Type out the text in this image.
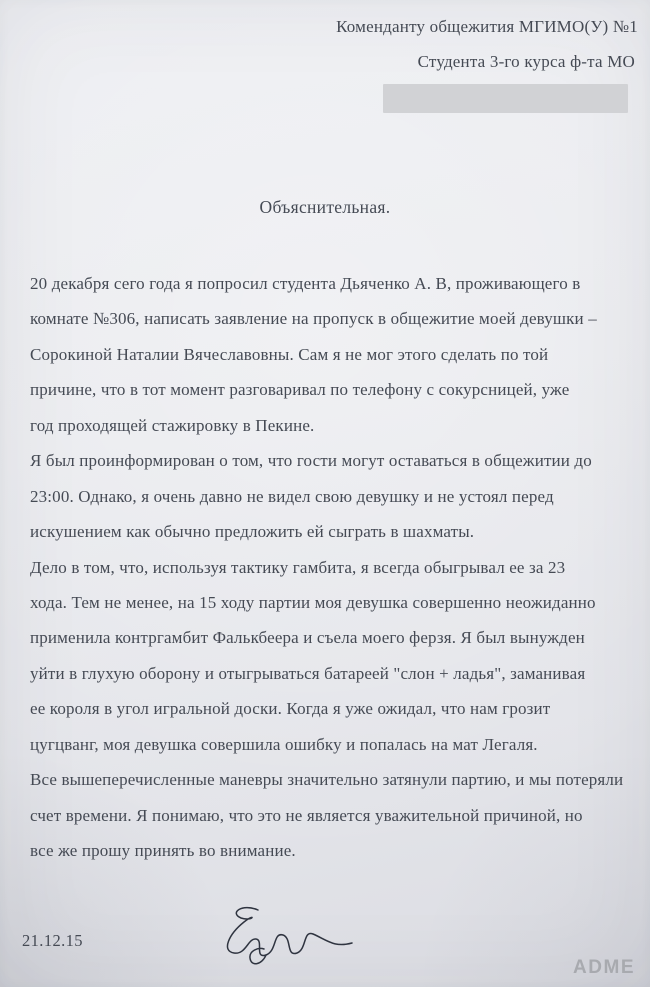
Коменданту общежития МГИМО(У) №1
Студента 3-го курса ф-та МО
Объяснительная.
20 декабря сего года я попросил студента Дьяченко А. В, проживающего в
комнате №306, написать заявление на пропуск в общежитие моей девушки –
Сорокиной Наталии Вячеславовны. Сам я не мог этого сделать по той
причине, что в тот момент разговаривал по телефону с сокурсницей, уже
год проходящей стажировку в Пекине.
Я был проинформирован о том, что гости могут оставаться в общежитии до
23:00. Однако, я очень давно не видел свою девушку и не устоял перед
искушением как обычно предложить ей сыграть в шахматы.
Дело в том, что, используя тактику гамбита, я всегда обыгрывал ее за 23
хода. Тем не менее, на 15 ходу партии моя девушка совершенно неожиданно
применила контргамбит Фалькбеера и съела моего ферзя. Я был вынужден
уйти в глухую оборону и отыгрываться батареей "слон + ладья", заманивая
ее короля в угол игральной доски. Когда я уже ожидал, что нам грозит
цугцванг, моя девушка совершила ошибку и попалась на мат Легаля.
Все вышеперечисленные маневры значительно затянули партию, и мы потеряли
счет времени. Я понимаю, что это не является уважительной причиной, но
все же прошу принять во внимание.
21.12.15
ADME
